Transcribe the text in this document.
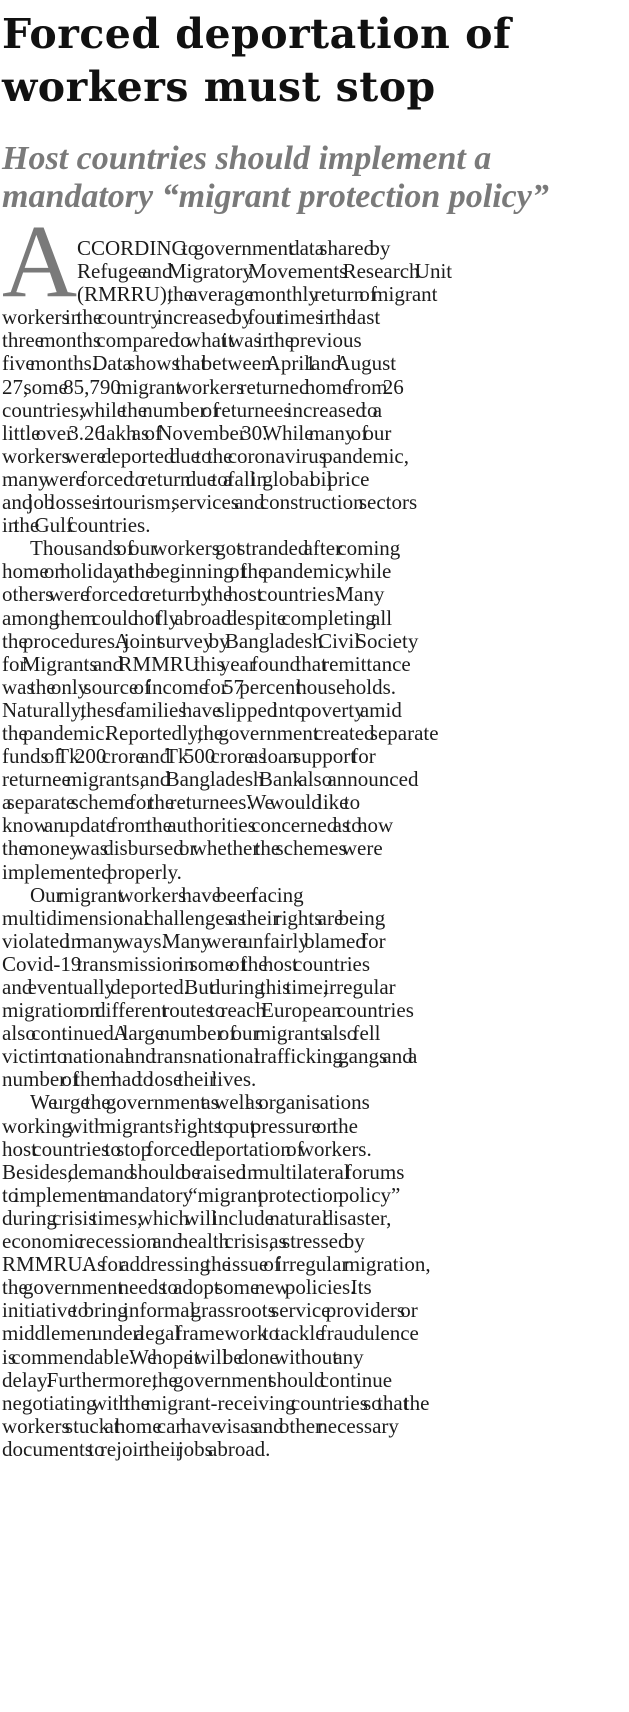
Forced deportation of workers must stop
Host countries should implement a mandatory “migrant protection policy”
A CCORDING to government data shared by
Refugee and Migratory Movements Research Unit
(RMRRU), the average monthly return of migrant
workers in the country increased by four times in the last
three months compared to what it was in the previous
five months. Data shows that between April 1 and August
27, some 85,790 migrant workers returned home from 26
countries, while the number of returnees increased to a
little over 3.26 lakh as of November 30. While many of our
workers were deported due to the coronavirus pandemic,
many were forced to return due to a fall in global oil price
and job losses in tourism, services and construction sectors
in the Gulf countries.
Thousands of our workers got stranded after coming
home on holiday at the beginning of the pandemic, while
others were forced to return by the host countries. Many
among them could not fly abroad despite completing all
the procedures. A joint survey by Bangladesh Civil Society
for Migrants and RMMRU this year found that remittance
was the only source of income for 57 percent households.
Naturally, these families have slipped into poverty amid
the pandemic. Reportedly, the government created separate
funds of Tk 200 crore and Tk 500 crore as loan support for
returnee migrants, and Bangladesh Bank also announced
a separate scheme for the returnees. We would like to
know an update from the authorities concerned as to how
the money was disbursed or whether the schemes were
implemented properly.
Our migrant workers have been facing
multidimensional challenges as their rights are being
violated in many ways. Many were unfairly blamed for
Covid-19 transmission in some of the host countries
and eventually deported. But during this time, irregular
migration on different routes to reach European countries
also continued. A large number of our migrants also fell
victim to national and transnational trafficking gangs and a
number of them had to lose their lives.
We urge the government as well as organisations
working with migrants’ rights to put pressure on the
host countries to stop forced deportation of workers.
Besides, demand should be raised in multilateral forums
to implement a mandatory “migrant protection policy”
during crisis times, which will include natural disaster,
economic recession and health crisis, as stressed by
RMMRU. As for addressing the issue of irregular migration,
the government needs to adopt some new policies. Its
initiative to bring informal grassroots service providers or
middlemen under a legal framework to tackle fraudulence
is commendable. We hope it will be done without any
delay. Furthermore, the government should continue
negotiating with the migrant-receiving countries so that the
workers stuck at home can have visas and other necessary
documents to rejoin their jobs abroad.
